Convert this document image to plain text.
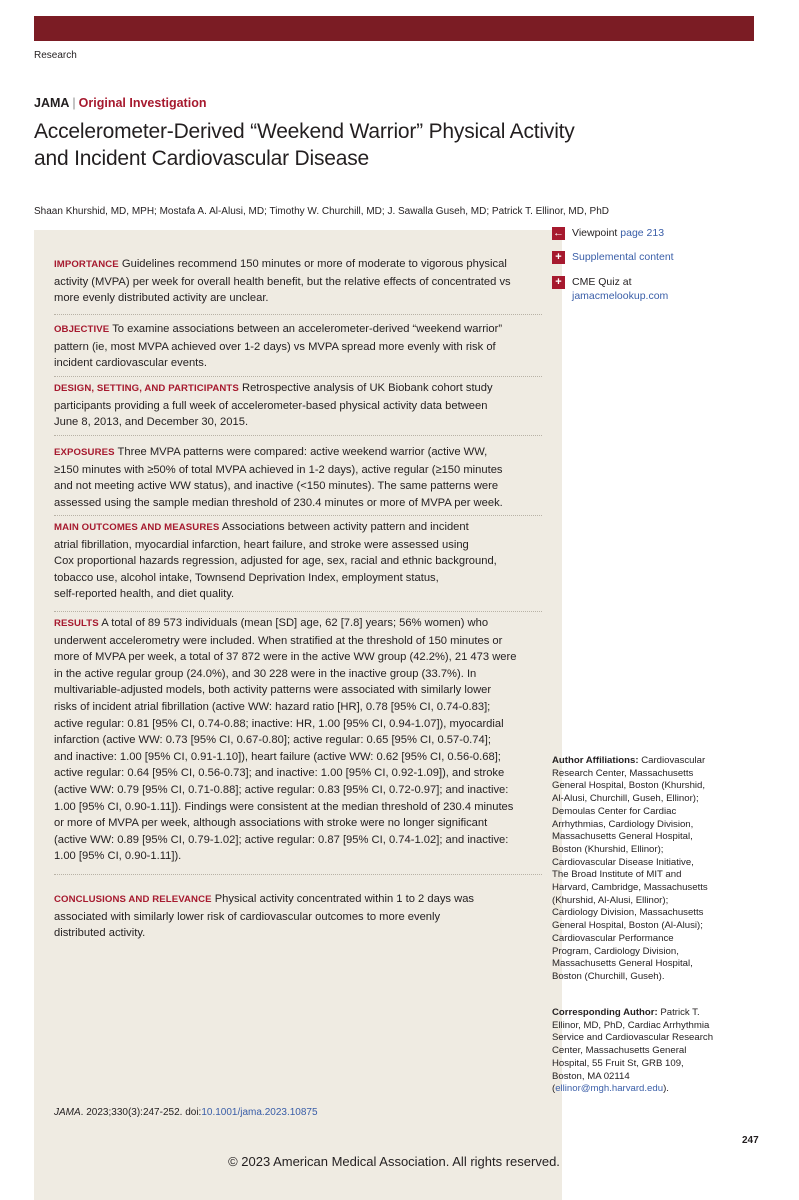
Research
JAMA | Original Investigation
Accelerometer-Derived “Weekend Warrior” Physical Activity
and Incident Cardiovascular Disease
Shaan Khurshid, MD, MPH; Mostafa A. Al-Alusi, MD; Timothy W. Churchill, MD; J. Sawalla Guseh, MD; Patrick T. Ellinor, MD, PhD
IMPORTANCE Guidelines recommend 150 minutes or more of moderate to vigorous physical
activity (MVPA) per week for overall health benefit, but the relative effects of concentrated vs
more evenly distributed activity are unclear.
OBJECTIVE To examine associations between an accelerometer-derived “weekend warrior”
pattern (ie, most MVPA achieved over 1-2 days) vs MVPA spread more evenly with risk of
incident cardiovascular events.
DESIGN, SETTING, AND PARTICIPANTS Retrospective analysis of UK Biobank cohort study
participants providing a full week of accelerometer-based physical activity data between
June 8, 2013, and December 30, 2015.
EXPOSURES Three MVPA patterns were compared: active weekend warrior (active WW,
≥150 minutes with ≥50% of total MVPA achieved in 1-2 days), active regular (≥150 minutes
and not meeting active WW status), and inactive (<150 minutes). The same patterns were
assessed using the sample median threshold of 230.4 minutes or more of MVPA per week.
MAIN OUTCOMES AND MEASURES Associations between activity pattern and incident
atrial fibrillation, myocardial infarction, heart failure, and stroke were assessed using
Cox proportional hazards regression, adjusted for age, sex, racial and ethnic background,
tobacco use, alcohol intake, Townsend Deprivation Index, employment status,
self-reported health, and diet quality.
RESULTS A total of 89 573 individuals (mean [SD] age, 62 [7.8] years; 56% women) who
underwent accelerometry were included. When stratified at the threshold of 150 minutes or
more of MVPA per week, a total of 37 872 were in the active WW group (42.2%), 21 473 were
in the active regular group (24.0%), and 30 228 were in the inactive group (33.7%). In
multivariable-adjusted models, both activity patterns were associated with similarly lower
risks of incident atrial fibrillation (active WW: hazard ratio [HR], 0.78 [95% CI, 0.74-0.83];
active regular: 0.81 [95% CI, 0.74-0.88; inactive: HR, 1.00 [95% CI, 0.94-1.07]), myocardial
infarction (active WW: 0.73 [95% CI, 0.67-0.80]; active regular: 0.65 [95% CI, 0.57-0.74];
and inactive: 1.00 [95% CI, 0.91-1.10]), heart failure (active WW: 0.62 [95% CI, 0.56-0.68];
active regular: 0.64 [95% CI, 0.56-0.73]; and inactive: 1.00 [95% CI, 0.92-1.09]), and stroke
(active WW: 0.79 [95% CI, 0.71-0.88]; active regular: 0.83 [95% CI, 0.72-0.97]; and inactive:
1.00 [95% CI, 0.90-1.11]). Findings were consistent at the median threshold of 230.4 minutes
or more of MVPA per week, although associations with stroke were no longer significant
(active WW: 0.89 [95% CI, 0.79-1.02]; active regular: 0.87 [95% CI, 0.74-1.02]; and inactive:
1.00 [95% CI, 0.90-1.11]).
CONCLUSIONS AND RELEVANCE Physical activity concentrated within 1 to 2 days was
associated with similarly lower risk of cardiovascular outcomes to more evenly
distributed activity.
JAMA. 2023;330(3):247-252. doi:10.1001/jama.2023.10875
← Viewpoint page 213
+ Supplemental content
+ CME Quiz at
jamacmelookup.com
Author Affiliations: Cardiovascular
Research Center, Massachusetts
General Hospital, Boston (Khurshid,
Al-Alusi, Churchill, Guseh, Ellinor);
Demoulas Center for Cardiac
Arrhythmias, Cardiology Division,
Massachusetts General Hospital,
Boston (Khurshid, Ellinor);
Cardiovascular Disease Initiative,
The Broad Institute of MIT and
Harvard, Cambridge, Massachusetts
(Khurshid, Al-Alusi, Ellinor);
Cardiology Division, Massachusetts
General Hospital, Boston (Al-Alusi);
Cardiovascular Performance
Program, Cardiology Division,
Massachusetts General Hospital,
Boston (Churchill, Guseh).
Corresponding Author: Patrick T.
Ellinor, MD, PhD, Cardiac Arrhythmia
Service and Cardiovascular Research
Center, Massachusetts General
Hospital, 55 Fruit St, GRB 109,
Boston, MA 02114
(ellinor@mgh.harvard.edu).
247
© 2023 American Medical Association. All rights reserved.
